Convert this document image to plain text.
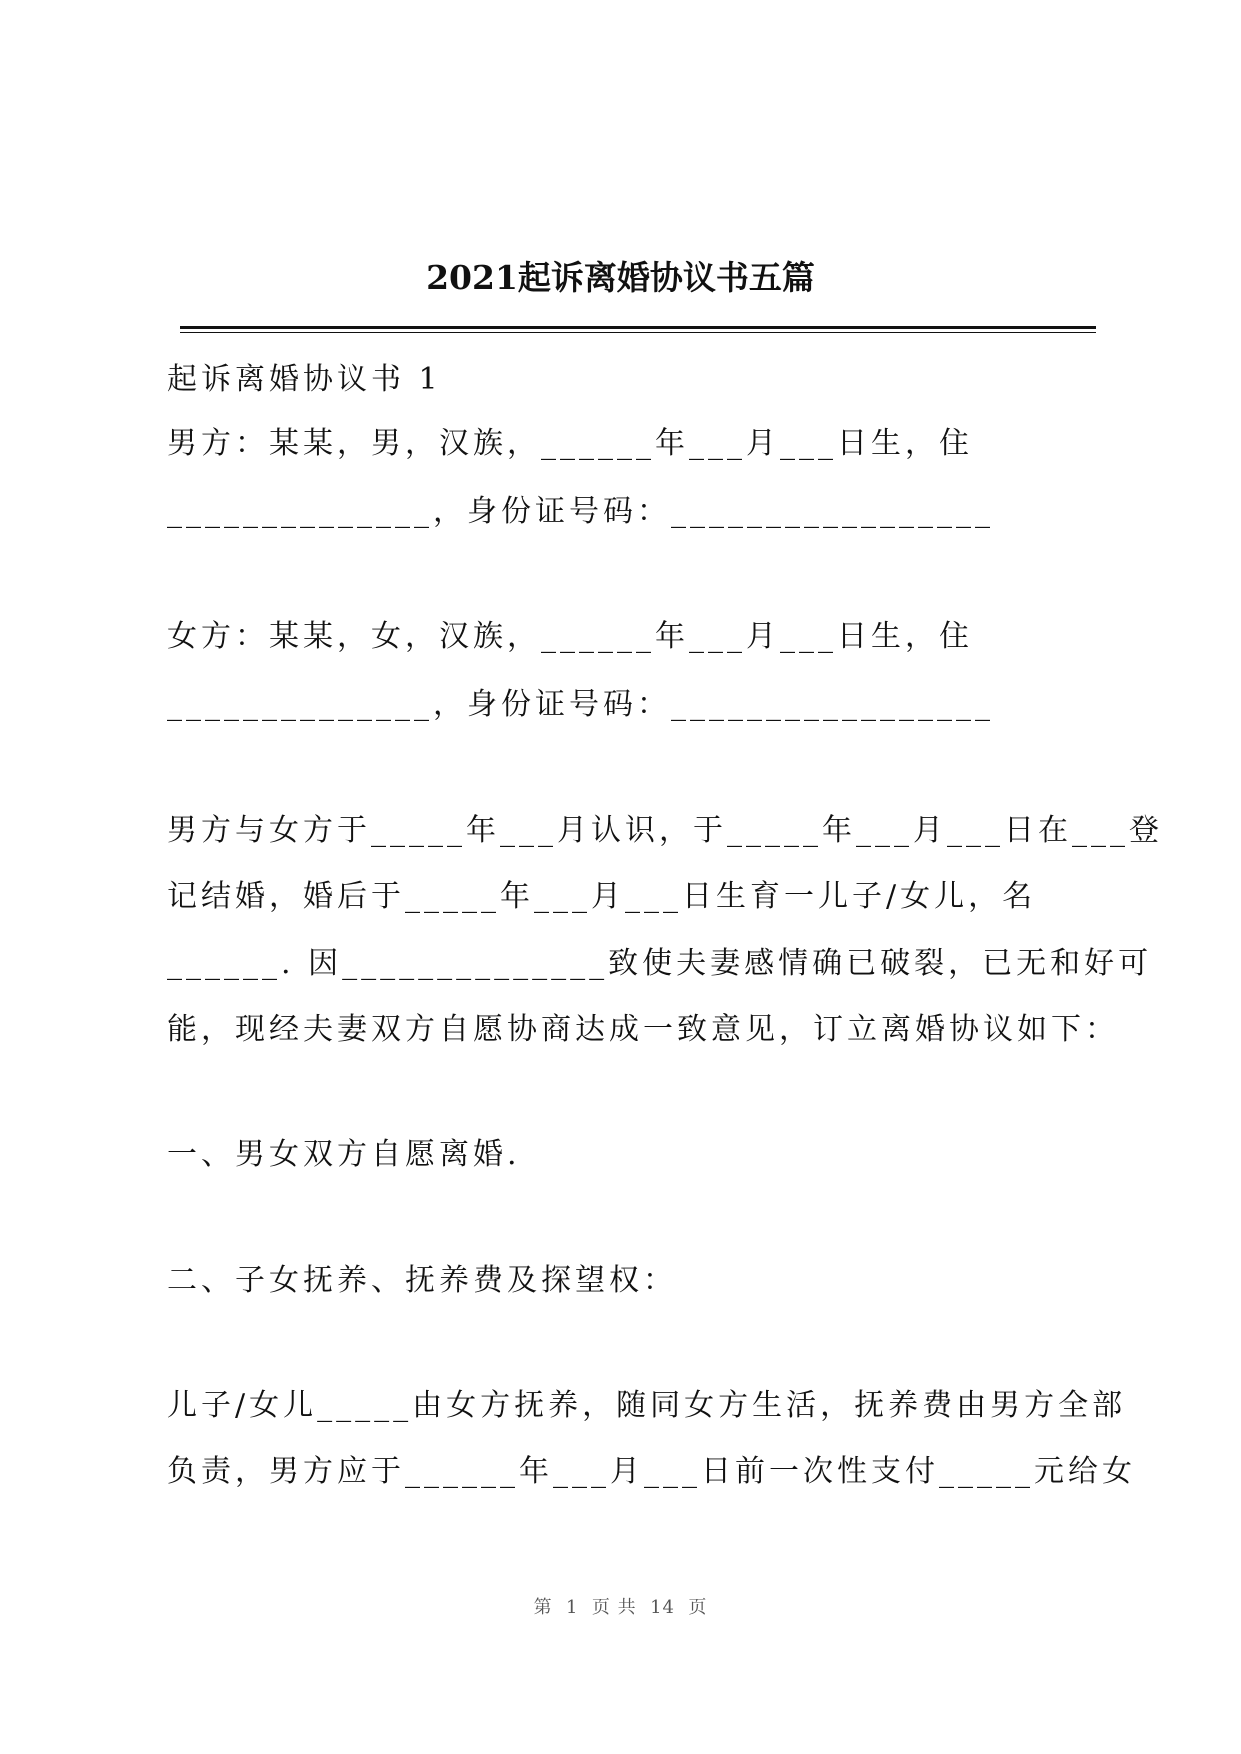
2021起诉离婚协议书五篇
起诉离婚协议书 1
男方：某某，男，汉族，______年___月___日生，住
______________，身份证号码：_________________
女方：某某，女，汉族，______年___月___日生，住
______________，身份证号码：_________________
男方与女方于_____年___月认识，于_____年___月___日在___登
记结婚，婚后于_____年___月___日生育一儿子/女儿，名
______. 因______________致使夫妻感情确已破裂，已无和好可
能，现经夫妻双方自愿协商达成一致意见，订立离婚协议如下：
一、男女双方自愿离婚.
二、子女抚养、抚养费及探望权：
儿子/女儿_____由女方抚养，随同女方生活，抚养费由男方全部
负责，男方应于______年___月___日前一次性支付_____元给女
第  1  页 共  14  页
